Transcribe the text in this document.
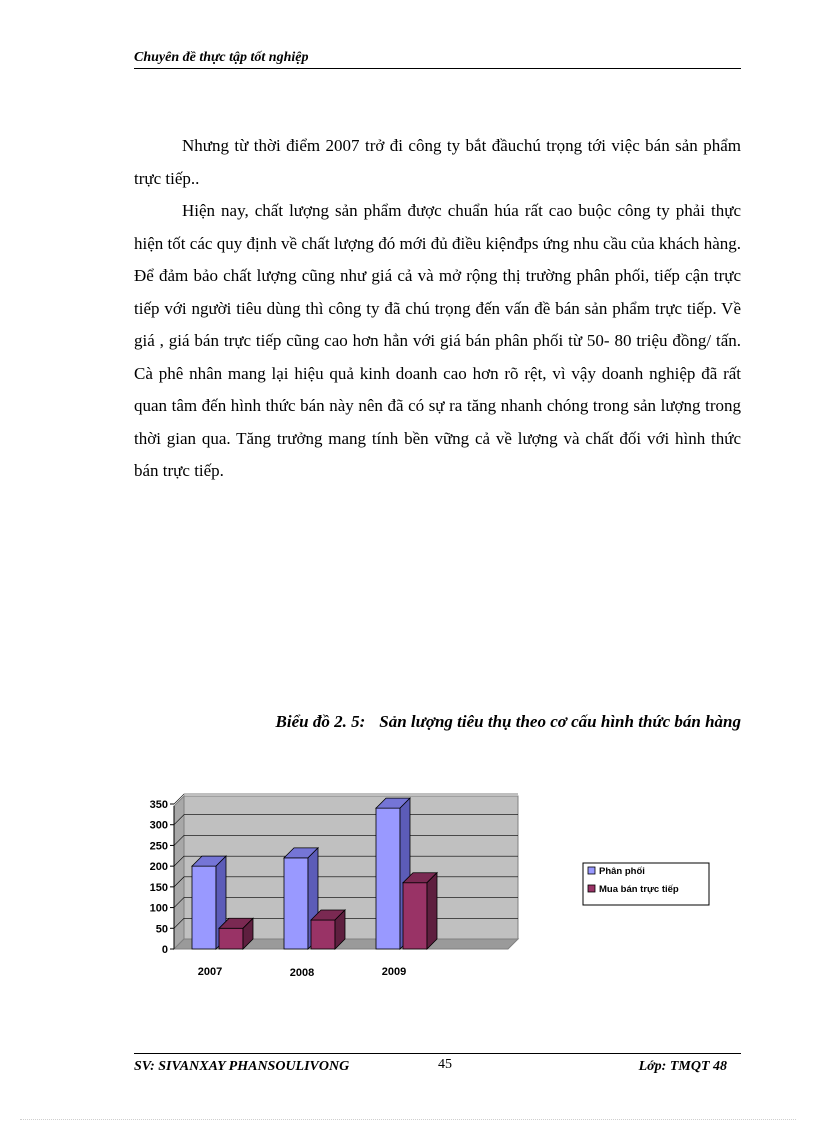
Chuyên đề thực tập tốt nghiệp

Nhưng từ thời điểm 2007 trở đi công ty bắt đầuchú trọng tới việc bán sản phẩm trực tiếp..

Hiện nay, chất lượng sản phẩm được chuẩn húa rất cao buộc công ty phải thực hiện tốt các quy định về chất lượng đó mới đủ điều kiệnđps ứng nhu cầu của khách hàng. Để đảm bảo chất lượng cũng như giá cả và mở rộng thị trường phân phối, tiếp cận trực tiếp với người tiêu dùng thì công ty đã chú trọng đến vấn đề bán sản phẩm trực tiếp. Về giá , giá bán trực tiếp cũng cao hơn hẳn với giá bán phân phối từ 50- 80 triệu đồng/ tấn. Cà phê nhân mang lại hiệu quả kinh doanh cao hơn rõ rệt, vì vậy doanh nghiệp đã rất quan tâm đến hình thức bán này nên đã có sự ra tăng nhanh chóng trong sản lượng trong thời gian qua. Tăng trưởng mang tính bền vững cả về lượng và chất đối với hình thức bán trực tiếp.

Biểu đồ 2. 5: Sản lượng tiêu thụ theo cơ cấu hình thức bán hàng
0
50
100
150
200
250
300
350
2007	2008	2009
Phân phối
Mua bán trực tiếp
SV: SIVANXAY PHANSOULIVONG	45	Lớp: TMQT 48
